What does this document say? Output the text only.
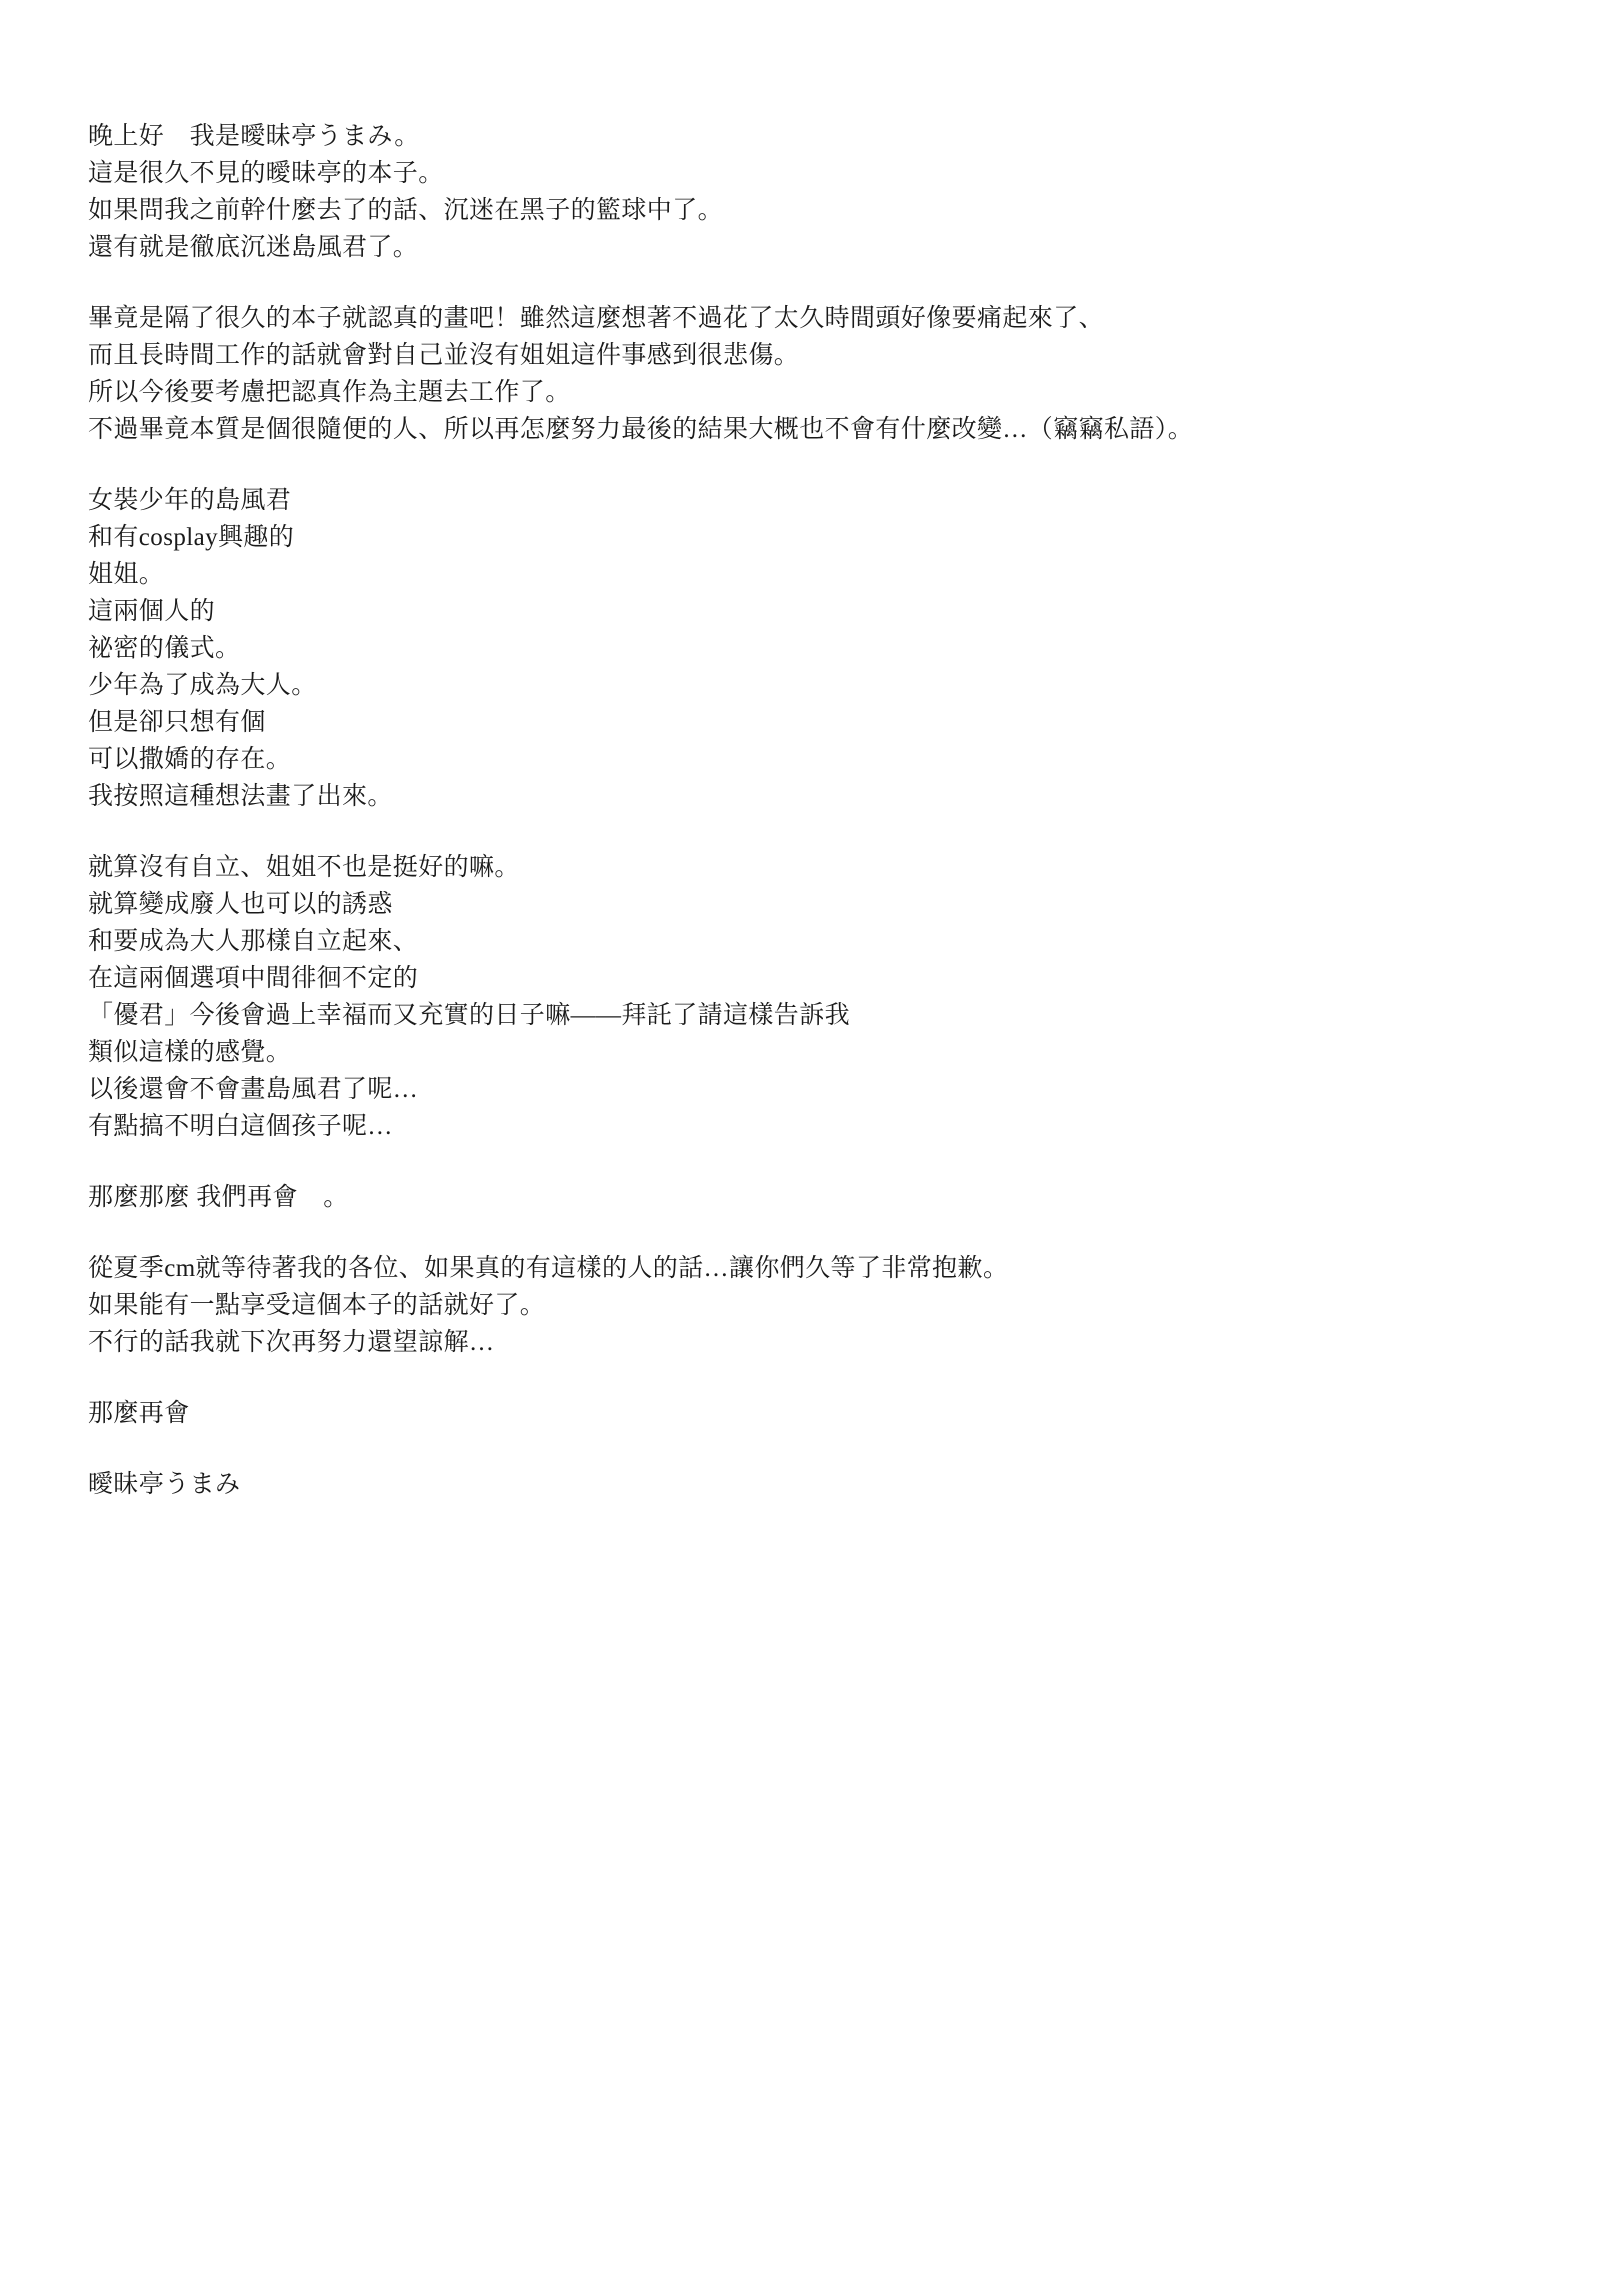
晚上好　我是曖昧亭うまみ。
這是很久不見的曖昧亭的本子。
如果問我之前幹什麼去了的話、沉迷在黑子的籃球中了。
還有就是徹底沉迷島風君了。
畢竟是隔了很久的本子就認真的畫吧！雖然這麼想著不過花了太久時間頭好像要痛起來了、
而且長時間工作的話就會對自己並沒有姐姐這件事感到很悲傷。
所以今後要考慮把認真作為主題去工作了。
不過畢竟本質是個很隨便的人、所以再怎麼努力最後的結果大概也不會有什麼改變…（竊竊私語）。
女裝少年的島風君
和有cosplay興趣的
姐姐。
這兩個人的
祕密的儀式。
少年為了成為大人。
但是卻只想有個
可以撒嬌的存在。
我按照這種想法畫了出來。
就算沒有自立、姐姐不也是挺好的嘛。
就算變成廢人也可以的誘惑
和要成為大人那樣自立起來、
在這兩個選項中間徘徊不定的
「優君」今後會過上幸福而又充實的日子嘛——拜託了請這樣告訴我
類似這樣的感覺。
以後還會不會畫島風君了呢…
有點搞不明白這個孩子呢…
那麼那麼 我們再會　。
從夏季cm就等待著我的各位、如果真的有這樣的人的話…讓你們久等了非常抱歉。
如果能有一點享受這個本子的話就好了。
不行的話我就下次再努力還望諒解…
那麼再會
曖昧亭うまみ
